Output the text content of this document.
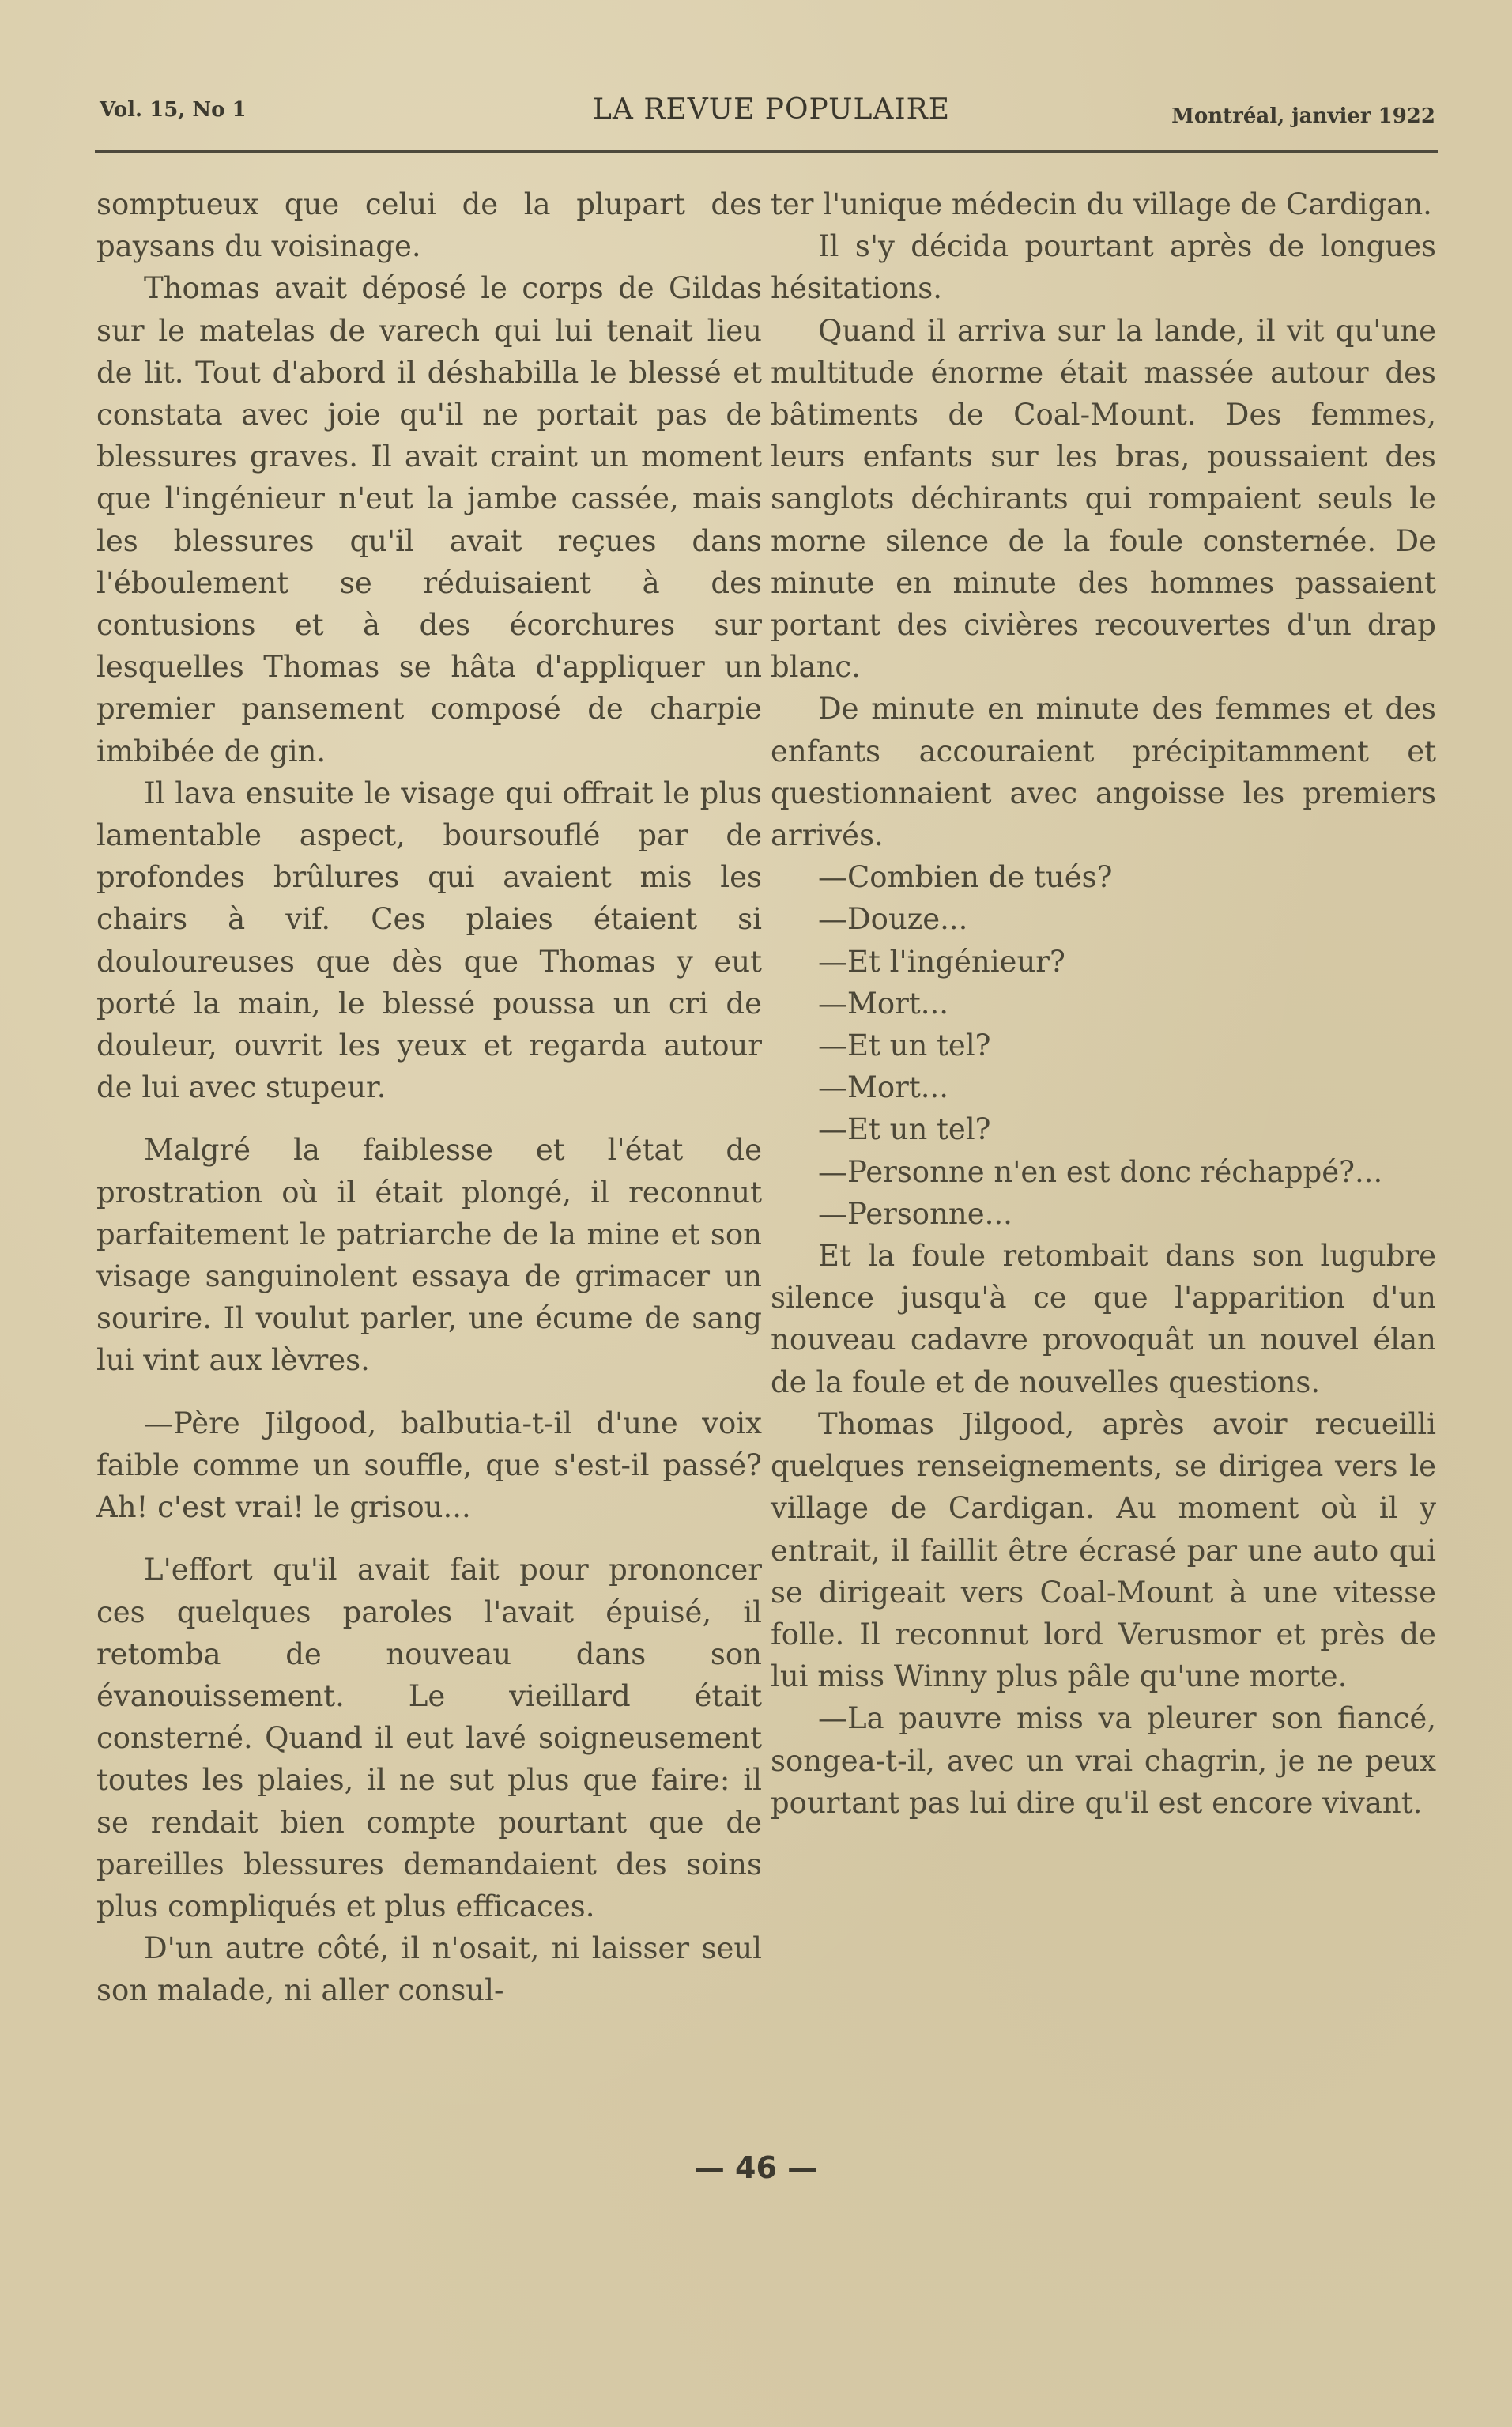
Vol. 15, No 1	LA REVUE POPULAIRE	Montréal, janvier 1922

somptueux que celui de la plupart des paysans du voisinage.

Thomas avait déposé le corps de Gildas sur le matelas de varech qui lui tenait lieu de lit. Tout d'abord il déshabilla le blessé et constata avec joie qu'il ne portait pas de blessures graves. Il avait craint un moment que l'ingénieur n'eut la jambe cassée, mais les blessures qu'il avait reçues dans l'éboulement se réduisaient à des contusions et à des écorchures sur lesquelles Thomas se hâta d'appliquer un premier pansement composé de charpie imbibée de gin.

Il lava ensuite le visage qui offrait le plus lamentable aspect, boursouflé par de profondes brûlures qui avaient mis les chairs à vif. Ces plaies étaient si douloureuses que dès que Thomas y eut porté la main, le blessé poussa un cri de douleur, ouvrit les yeux et regarda autour de lui avec stupeur.

Malgré la faiblesse et l'état de prostration où il était plongé, il reconnut parfaitement le patriarche de la mine et son visage sanguinolent essaya de grimacer un sourire. Il voulut parler, une écume de sang lui vint aux lèvres.

—Père Jilgood, balbutia-t-il d'une voix faible comme un souffle, que s'est-il passé? Ah! c'est vrai! le grisou...

L'effort qu'il avait fait pour prononcer ces quelques paroles l'avait épuisé, il retomba de nouveau dans son évanouissement. Le vieillard était consterné. Quand il eut lavé soigneusement toutes les plaies, il ne sut plus que faire: il se rendait bien compte pourtant que de pareilles blessures demandaient des soins plus compliqués et plus efficaces.

D'un autre côté, il n'osait, ni laisser seul son malade, ni aller consul-

ter l'unique médecin du village de Cardigan.

Il s'y décida pourtant après de longues hésitations.

Quand il arriva sur la lande, il vit qu'une multitude énorme était massée autour des bâtiments de Coal-Mount. Des femmes, leurs enfants sur les bras, poussaient des sanglots déchirants qui rompaient seuls le morne silence de la foule consternée. De minute en minute des hommes passaient portant des civières recouvertes d'un drap blanc.

De minute en minute des femmes et des enfants accouraient précipitamment et questionnaient avec angoisse les premiers arrivés.

—Combien de tués?

—Douze...

—Et l'ingénieur?

—Mort...

—Et un tel?

—Mort...

—Et un tel?

—Personne n'en est donc réchappé?...

—Personne...

Et la foule retombait dans son lugubre silence jusqu'à ce que l'apparition d'un nouveau cadavre provoquât un nouvel élan de la foule et de nouvelles questions.

Thomas Jilgood, après avoir recueilli quelques renseignements, se dirigea vers le village de Cardigan. Au moment où il y entrait, il faillit être écrasé par une auto qui se dirigeait vers Coal-Mount à une vitesse folle. Il reconnut lord Verusmor et près de lui miss Winny plus pâle qu'une morte.

—La pauvre miss va pleurer son fiancé, songea-t-il, avec un vrai chagrin, je ne peux pourtant pas lui dire qu'il est encore vivant.

— 46 —
